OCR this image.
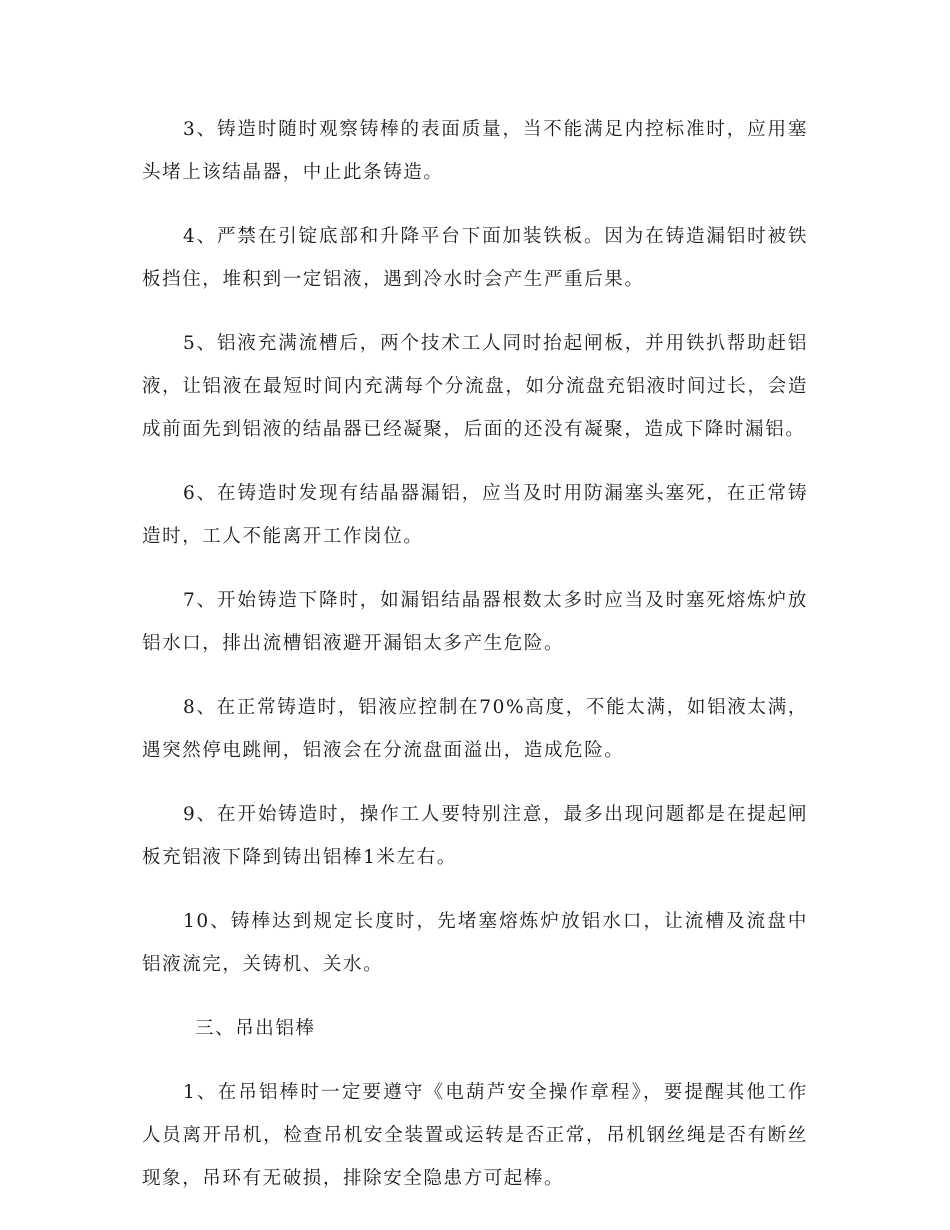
3、铸造时随时观察铸棒的表面质量，当不能满足内控标准时，应用塞头堵上该结晶器，中止此条铸造。

4、严禁在引锭底部和升降平台下面加装铁板。因为在铸造漏铝时被铁板挡住，堆积到一定铝液，遇到冷水时会产生严重后果。

5、铝液充满流槽后，两个技术工人同时抬起闸板，并用铁扒帮助赶铝液，让铝液在最短时间内充满每个分流盘，如分流盘充铝液时间过长，会造成前面先到铝液的结晶器已经凝聚，后面的还没有凝聚，造成下降时漏铝。

6、在铸造时发现有结晶器漏铝，应当及时用防漏塞头塞死，在正常铸造时，工人不能离开工作岗位。

7、开始铸造下降时，如漏铝结晶器根数太多时应当及时塞死熔炼炉放铝水口，排出流槽铝液避开漏铝太多产生危险。

8、在正常铸造时，铝液应控制在70%高度，不能太满，如铝液太满，遇突然停电跳闸，铝液会在分流盘面溢出，造成危险。

9、在开始铸造时，操作工人要特别注意，最多出现问题都是在提起闸板充铝液下降到铸出铝棒1米左右。

10、铸棒达到规定长度时，先堵塞熔炼炉放铝水口，让流槽及流盘中铝液流完，关铸机、关水。

三、吊出铝棒

1、在吊铝棒时一定要遵守《电葫芦安全操作章程》，要提醒其他工作人员离开吊机，检查吊机安全装置或运转是否正常，吊机钢丝绳是否有断丝现象，吊环有无破损，排除安全隐患方可起棒。
